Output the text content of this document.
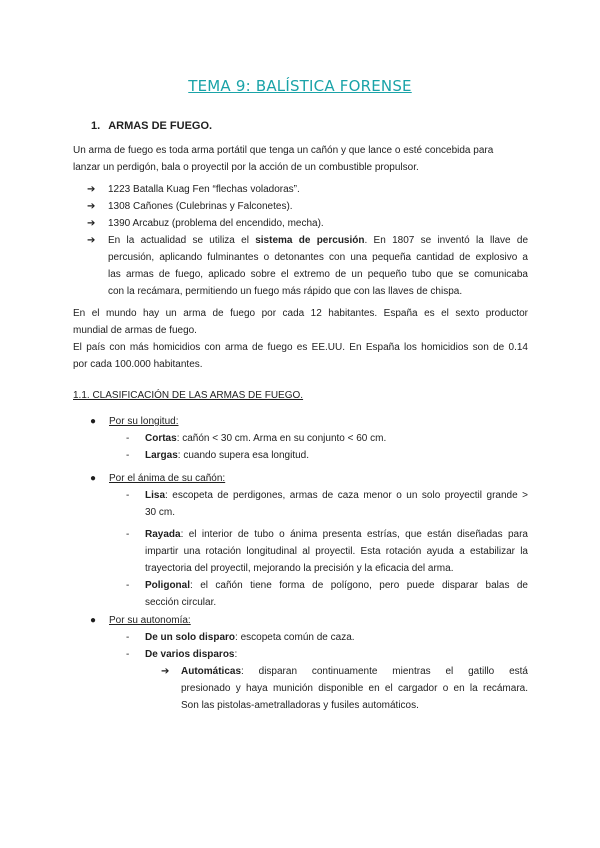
TEMA 9: BALÍSTICA FORENSE
1. ARMAS DE FUEGO.
Un arma de fuego es toda arma portátil que tenga un cañón y que lance o esté concebida para
lanzar un perdigón, bala o proyectil por la acción de un combustible propulsor.
➔ 1223 Batalla Kuag Fen “flechas voladoras”.
➔ 1308 Cañones (Culebrinas y Falconetes).
➔ 1390 Arcabuz (problema del encendido, mecha).
➔ En la actualidad se utiliza el sistema de percusión. En 1807 se inventó la llave de
percusión, aplicando fulminantes o detonantes con una pequeña cantidad de explosivo a
las armas de fuego, aplicado sobre el extremo de un pequeño tubo que se comunicaba
con la recámara, permitiendo un fuego más rápido que con las llaves de chispa.
En el mundo hay un arma de fuego por cada 12 habitantes. España es el sexto productor
mundial de armas de fuego.
El país con más homicidios con arma de fuego es EE.UU. En España los homicidios son de 0.14
por cada 100.000 habitantes.
1.1. CLASIFICACIÓN DE LAS ARMAS DE FUEGO.
● Por su longitud:
- Cortas: cañón < 30 cm. Arma en su conjunto < 60 cm.
- Largas: cuando supera esa longitud.
● Por el ánima de su cañón:
- Lisa: escopeta de perdigones, armas de caza menor o un solo proyectil grande >
30 cm.
- Rayada: el interior de tubo o ánima presenta estrías, que están diseñadas para
impartir una rotación longitudinal al proyectil. Esta rotación ayuda a estabilizar la
trayectoria del proyectil, mejorando la precisión y la eficacia del arma.
- Poligonal: el cañón tiene forma de polígono, pero puede disparar balas de
sección circular.
● Por su autonomía:
- De un solo disparo: escopeta común de caza.
- De varios disparos:
➔ Automáticas: disparan continuamente mientras el gatillo está
presionado y haya munición disponible en el cargador o en la recámara.
Son las pistolas-ametralladoras y fusiles automáticos.
